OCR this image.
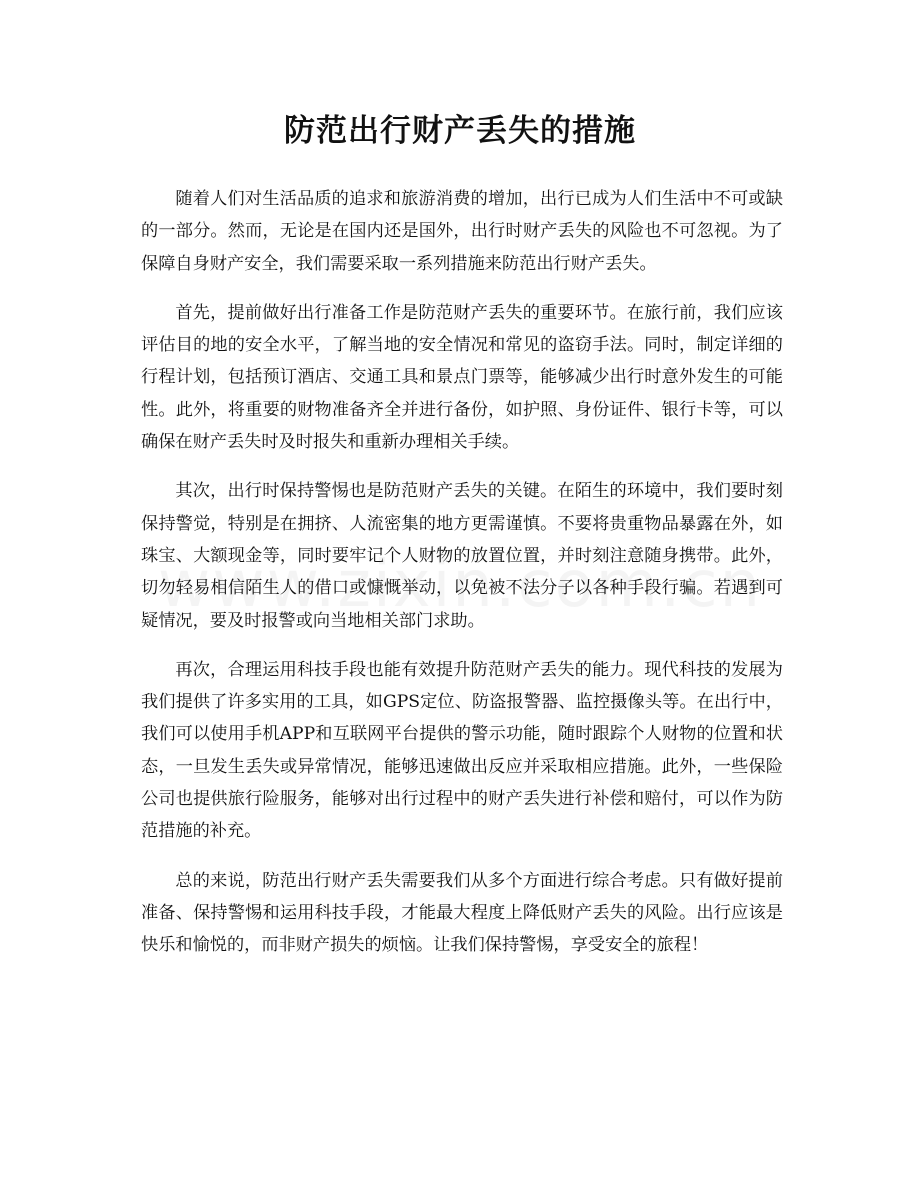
防范出行财产丢失的措施

随着人们对生活品质的追求和旅游消费的增加，出行已成为人们生活中不可或缺的一部分。然而，无论是在国内还是国外，出行时财产丢失的风险也不可忽视。为了保障自身财产安全，我们需要采取一系列措施来防范出行财产丢失。

首先，提前做好出行准备工作是防范财产丢失的重要环节。在旅行前，我们应该评估目的地的安全水平，了解当地的安全情况和常见的盗窃手法。同时，制定详细的行程计划，包括预订酒店、交通工具和景点门票等，能够减少出行时意外发生的可能性。此外，将重要的财物准备齐全并进行备份，如护照、身份证件、银行卡等，可以确保在财产丢失时及时报失和重新办理相关手续。

其次，出行时保持警惕也是防范财产丢失的关键。在陌生的环境中，我们要时刻保持警觉，特别是在拥挤、人流密集的地方更需谨慎。不要将贵重物品暴露在外，如珠宝、大额现金等，同时要牢记个人财物的放置位置，并时刻注意随身携带。此外，切勿轻易相信陌生人的借口或慷慨举动，以免被不法分子以各种手段行骗。若遇到可疑情况，要及时报警或向当地相关部门求助。

再次，合理运用科技手段也能有效提升防范财产丢失的能力。现代科技的发展为我们提供了许多实用的工具，如GPS定位、防盗报警器、监控摄像头等。在出行中，我们可以使用手机APP和互联网平台提供的警示功能，随时跟踪个人财物的位置和状态，一旦发生丢失或异常情况，能够迅速做出反应并采取相应措施。此外，一些保险公司也提供旅行险服务，能够对出行过程中的财产丢失进行补偿和赔付，可以作为防范措施的补充。

总的来说，防范出行财产丢失需要我们从多个方面进行综合考虑。只有做好提前准备、保持警惕和运用科技手段，才能最大程度上降低财产丢失的风险。出行应该是快乐和愉悦的，而非财产损失的烦恼。让我们保持警惕，享受安全的旅程！
